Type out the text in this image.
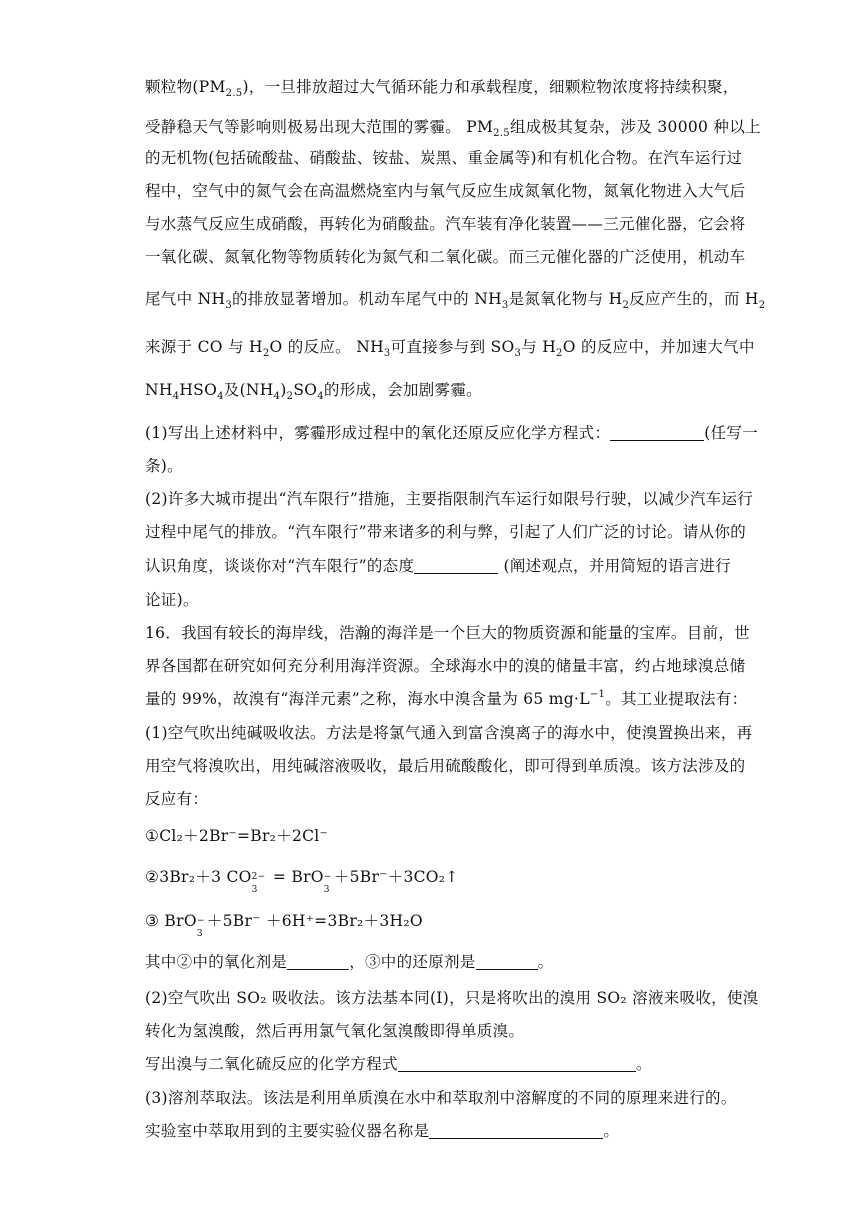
颗粒物$(PM_{2.5})$，一旦排放超过大气循环能力和承载程度，细颗粒物浓度将持续积聚，
受静稳天气等影响则极易出现大范围的雾霾。 $PM_{2.5}$组成极其复杂，涉及 30000 种以上
的无机物(包括硫酸盐、硝酸盐、铵盐、炭黑、重金属等)和有机化合物。在汽车运行过
程中，空气中的氮气会在高温燃烧室内与氧气反应生成氮氧化物，氮氧化物进入大气后
与水蒸气反应生成硝酸，再转化为硝酸盐。汽车装有净化装置——三元催化器，它会将
一氧化碳、氮氧化物等物质转化为氮气和二氧化碳。而三元催化器的广泛使用，机动车
尾气中 $NH_3$的排放显著增加。机动车尾气中的 $NH_3$是氮氧化物与 $H_2$反应产生的，而 $H_2$
来源于 CO 与 $H_2O$ 的反应。 $NH_3$可直接参与到 $SO_3$与 $H_2O$ 的反应中，并加速大气中
$NH_4HSO_4$及$(NH_4)_2SO_4$的形成，会加剧雾霾。
(1)写出上述材料中，雾霾形成过程中的氧化还原反应化学方程式：	(任写一
条)。
(2)许多大城市提出“汽车限行”措施，主要指限制汽车运行如限号行驶，以减少汽车运行
过程中尾气的排放。“汽车限行”带来诸多的利与弊，引起了人们广泛的讨论。请从你的
认识角度，谈谈你对“汽车限行”的态度	(阐述观点，并用简短的语言进行
论证)。
16．我国有较长的海岸线，浩瀚的海洋是一个巨大的物质资源和能量的宝库。目前，世
界各国都在研究如何充分利用海洋资源。全球海水中的溴的储量丰富，约占地球溴总储
量的 99%，故溴有“海洋元素”之称，海水中溴含量为 65 $mg\cdot L^{-1}$。其工业提取法有：
(1)空气吹出纯碱吸收法。方法是将氯气通入到富含溴离子的海水中，使溴置换出来，再
用空气将溴吹出，用纯碱溶液吸收，最后用硫酸酸化，即可得到单质溴。该方法涉及的
反应有：
①Cl₂＋2Br⁻=Br₂＋2Cl⁻
②3Br₂＋3 CO 2−
3
= BrO −
3
＋5Br⁻＋3CO₂↑
③ BrO −
3
＋5Br⁻ ＋6H⁺=3Br₂＋3H₂O
其中②中的氧化剂是	，③中的还原剂是	。
(2)空气吹出 SO₂ 吸收法。该方法基本同(Ⅰ)，只是将吹出的溴用 SO₂ 溶液来吸收，使溴
转化为氢溴酸，然后再用氯气氧化氢溴酸即得单质溴。
写出溴与二氧化硫反应的化学方程式	。
(3)溶剂萃取法。该法是利用单质溴在水中和萃取剂中溶解度的不同的原理来进行的。
实验室中萃取用到的主要实验仪器名称是	。
